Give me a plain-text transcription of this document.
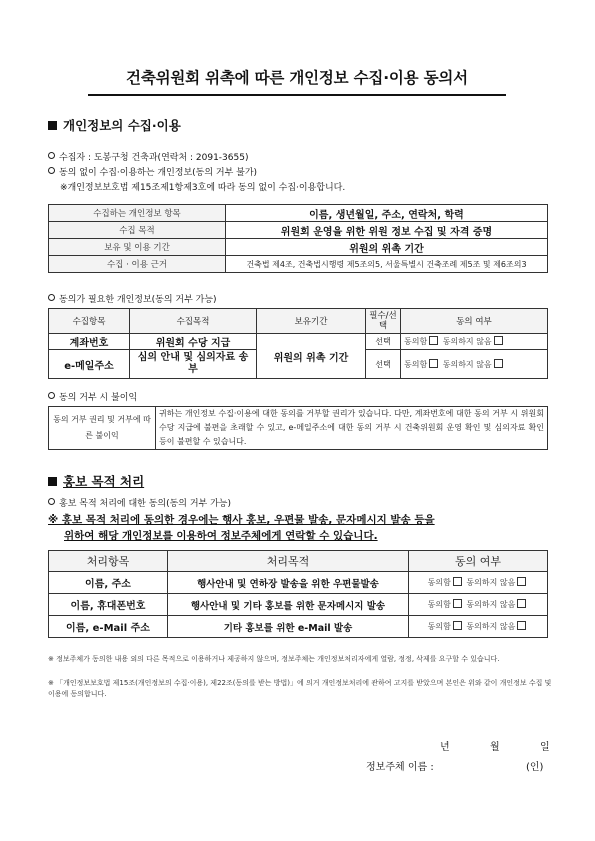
건축위원회 위촉에 따른 개인정보 수집·이용 동의서
개인정보의 수집·이용
수집자 : 도봉구청 건축과(연락처 : 2091-3655)
동의 없이 수집·이용하는 개인정보(동의 거부 불가)
※개인정보보호법 제15조제1항제3호에 따라 동의 없이 수집·이용합니다.
수집하는 개인정보 항목	이름, 생년월일, 주소, 연락처, 학력
수집 목적	위원회 운영을 위한 위원 정보 수집 및 자격 증명
보유 및 이용 기간	위원의 위촉 기간
수집 · 이용 근거	건축법 제4조, 건축법시행령 제5조의5, 서울특별시 건축조례 제5조 및 제6조의3
동의가 필요한 개인정보(동의 거부 가능)
수집항목	수집목적	보유기간	필수/선택	동의 여부
계좌번호	위원회 수당 지급	위원의 위촉 기간	선택	동의함 동의하지 않음
e-메일주소	심의 안내 및 심의자료 송부		선택	동의함 동의하지 않음
동의 거부 시 불이익
동의 거부 권리 및 거부에 따른 불이익	귀하는 개인정보 수집·이용에 대한 동의를 거부할 권리가 있습니다. 다만, 계좌번호에 대한 동의 거부 시 위원회 수당 지급에 불편을 초래할 수 있고, e-메일주소에 대한 동의 거부 시 건축위원회 운영 확인 및 심의자료 확인 등이 불편할 수 있습니다.
홍보 목적 처리
홍보 목적 처리에 대한 동의(동의 거부 가능)
※ 홍보 목적 처리에 동의한 경우에는 행사 홍보, 우편물 발송, 문자메시지 발송 등을
위하여 해당 개인정보를 이용하여 정보주체에게 연락할 수 있습니다.
처리항목	처리목적	동의 여부
이름, 주소	행사안내 및 연하장 발송을 위한 우편물발송	동의함 동의하지 않음
이름, 휴대폰번호	행사안내 및 기타 홍보를 위한 문자메시지 발송	동의함 동의하지 않음
이름, e-Mail 주소	기타 홍보를 위한 e-Mail 발송	동의함 동의하지 않음
※ 정보주체가 동의한 내용 외의 다른 목적으로 이용하거나 제공하지 않으며, 정보주체는 개인정보처리자에게 열람, 정정, 삭제를 요구할 수 있습니다.
※ 「개인정보보호법 제15조(개인정보의 수집·이용), 제22조(동의를 받는 방법)」에 의거 개인정보처리에 관하여 고지를 받았으며 본인은 위와 같이 개인정보 수집 및 이용에 동의합니다.
년	월	일
정보주체 이름 :	(인)
